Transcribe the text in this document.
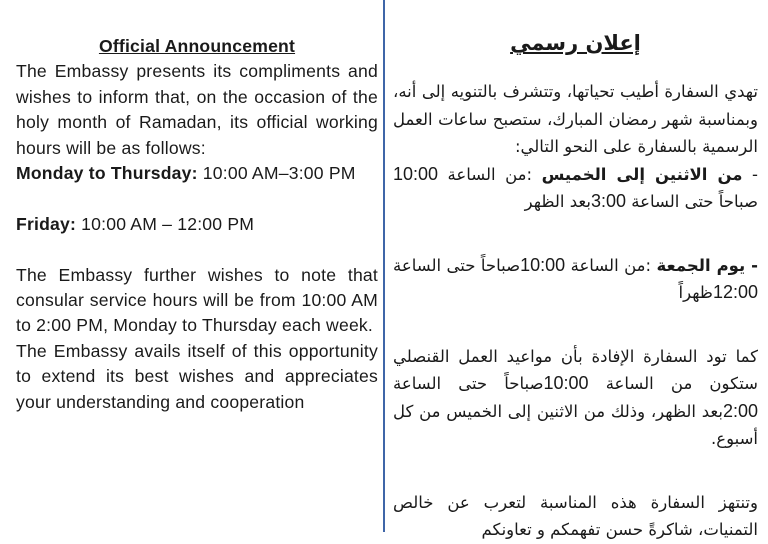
Official Announcement

The Embassy presents its compliments and wishes to inform that, on the occasion of the holy month of Ramadan, its official working hours will be as follows:

Monday to Thursday: 10:00 AM–3:00 PM

Friday: 10:00 AM – 12:00 PM

The Embassy further wishes to note that consular service hours will be from 10:00 AM to 2:00 PM, Monday to Thursday each week.

The Embassy avails itself of this opportunity to extend its best wishes and appreciates your understanding and cooperation

إعلان رسمي

تهدي السفارة أطيب تحياتها، وتتشرف بالتنويه إلى أنه، وبمناسبة شهر رمضان المبارك، ستصبح ساعات العمل الرسمية بالسفارة على النحو التالي:

- من الاثنين إلى الخميس :من الساعة 10:00 صباحاً حتى الساعة 3:00بعد الظهر

- يوم الجمعة :من الساعة 10:00صباحاً حتى الساعة 12:00ظهراً

كما تود السفارة الإفادة بأن مواعيد العمل القنصلي ستكون من الساعة 10:00صباحاً حتى الساعة 2:00بعد الظهر، وذلك من الاثنين إلى الخميس من كل أسبوع.

وتنتهز السفارة هذه المناسبة لتعرب عن خالص التمنيات، شاكرةً حسن تفهمكم و تعاونكم
